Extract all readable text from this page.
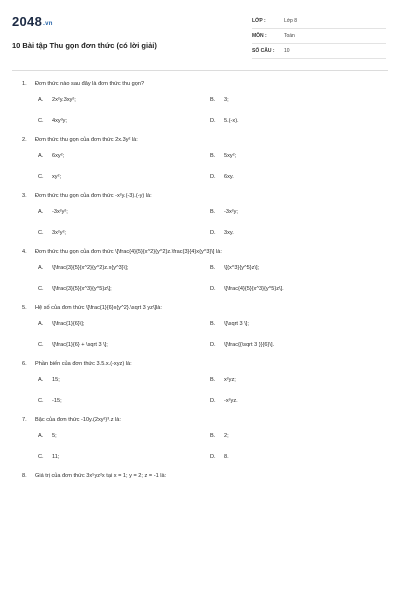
2048.vn
10 Bài tập Thu gọn đơn thức (có lời giải)
LỚP :	Lớp 8
MÔN :	Toán
SỐ CÂU :	10
1.	Đơn thức nào sau đây là đơn thức thu gọn?
A.	2x²y.3xy²;	B.	3;
C.	4xy³y;	D.	5.(-x).
2.	Đơn thức thu gọn của đơn thức 2x.3y² là:
A.	6xy²;	B.	5xy²;
C.	xy²;	D.	6xy.
3.	Đơn thức thu gọn của đơn thức -x²y.(-3).(-y) là:
A.	-3x²y²;	B.	-3x²y;
C.	3x²y²;	D.	3xy.
4.	Đơn thức thu gọn của đơn thức \[\frac{4}{5}{x^2}{y^2}z.\frac{3}{4}x{y^3}\] là:
A.	\[\frac{3}{5}{x^2}{y^2}z.x{y^3}\];	B.	\[{x^3}{y^5}z\];
C.	\[\frac{3}{5}{x^3}{y^5}z\];	D.	\[\frac{4}{5}{x^3}{y^5}z\].
5.	Hệ số của đơn thức \[\frac{1}{6}x{y^2}.\sqrt 3 yz\]là:
A.	\[\frac{1}{6}\];	B.	\[\sqrt 3 \];
C.	\[\frac{1}{6} + \sqrt 3 \];	D.	\[\frac{{\sqrt 3 }}{6}\].
6.	Phần biến của đơn thức 3.5.x.(-xyz) là:
A.	15;	B.	x²yz;
C.	-15;	D.	-x²yz.
7.	Bậc của đơn thức -10y.(2xy²)³.z là:
A.	5;	B.	2;
C.	11;	D.	8.
8.	Giá trị của đơn thức 3x⁵yz²x tại x = 1; y = 2; z = -1 là:
